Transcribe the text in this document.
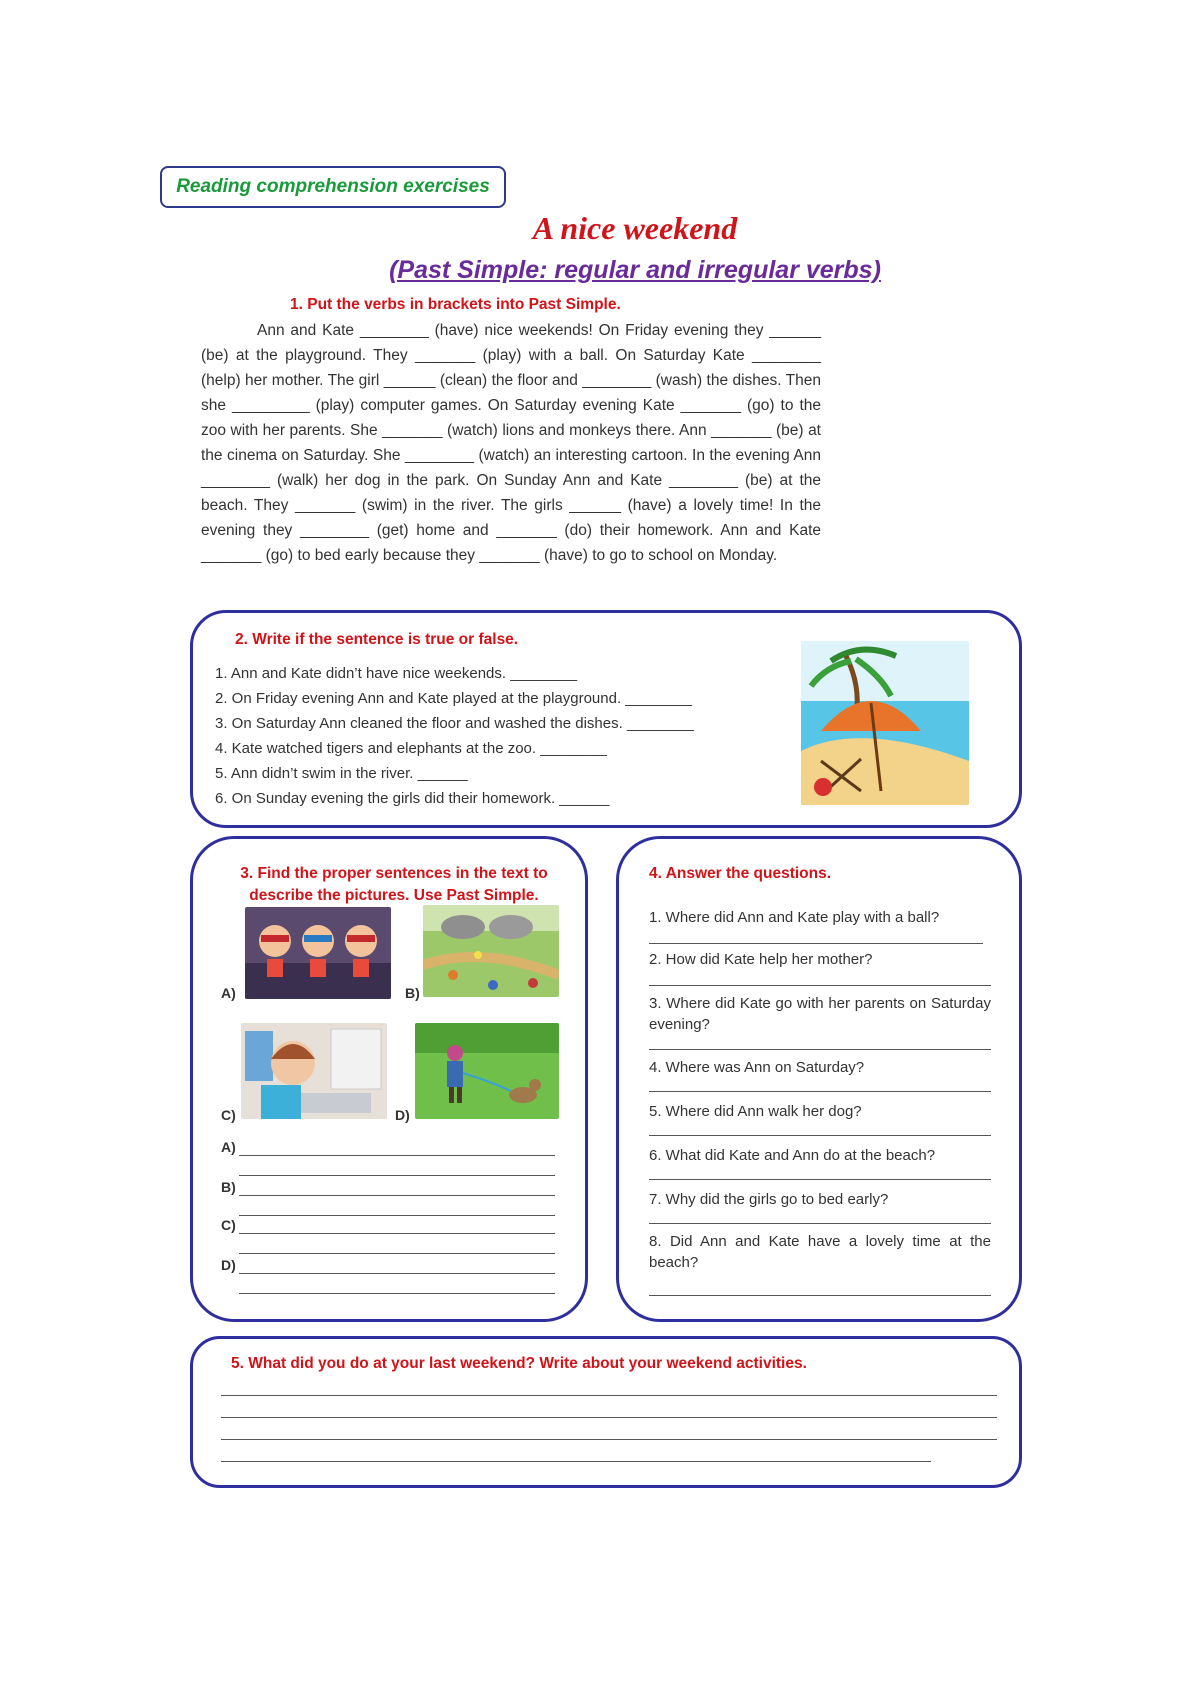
Reading comprehension exercises
A nice weekend
(Past Simple: regular and irregular verbs)
1. Put the verbs in brackets into Past Simple.

Ann and Kate ________ (have) nice weekends! On Friday evening they ______ (be) at the playground. They _______ (play) with a ball. On Saturday Kate ________ (help) her mother. The girl ______ (clean) the floor and ________ (wash) the dishes. Then she _________ (play) computer games. On Saturday evening Kate _______ (go) to the zoo with her parents. She _______ (watch) lions and monkeys there. Ann _______ (be) at the cinema on Saturday. She ________ (watch) an interesting cartoon. In the evening Ann ________ (walk) her dog in the park. On Sunday Ann and Kate ________ (be) at the beach. They _______ (swim) in the river. The girls ______ (have) a lovely time! In the evening they ________ (get) home and _______ (do) their homework. Ann and Kate _______ (go) to bed early because they _______ (have) to go to school on Monday.

2. Write if the sentence is true or false.
1. Ann and Kate didn’t have nice weekends. ________
2. On Friday evening Ann and Kate played at the playground. ________
3. On Saturday Ann cleaned the floor and washed the dishes. ________
4. Kate watched tigers and elephants at the zoo. ________
5. Ann didn’t swim in the river. ______
6. On Sunday evening the girls did their homework. ______
3. Find the proper sentences in the text to describe the pictures. Use Past Simple.
A)	B)
C)	D)
A)
B)
C)
D)
4. Answer the questions.
1. Where did Ann and Kate play with a ball?
2. How did Kate help her mother?
3. Where did Kate go with her parents on Saturday evening?
4. Where was Ann on Saturday?
5. Where did Ann walk her dog?
6. What did Kate and Ann do at the beach?
7. Why did the girls go to bed early?
8. Did Ann and Kate have a lovely time at the beach?
5. What did you do at your last weekend? Write about your weekend activities.
